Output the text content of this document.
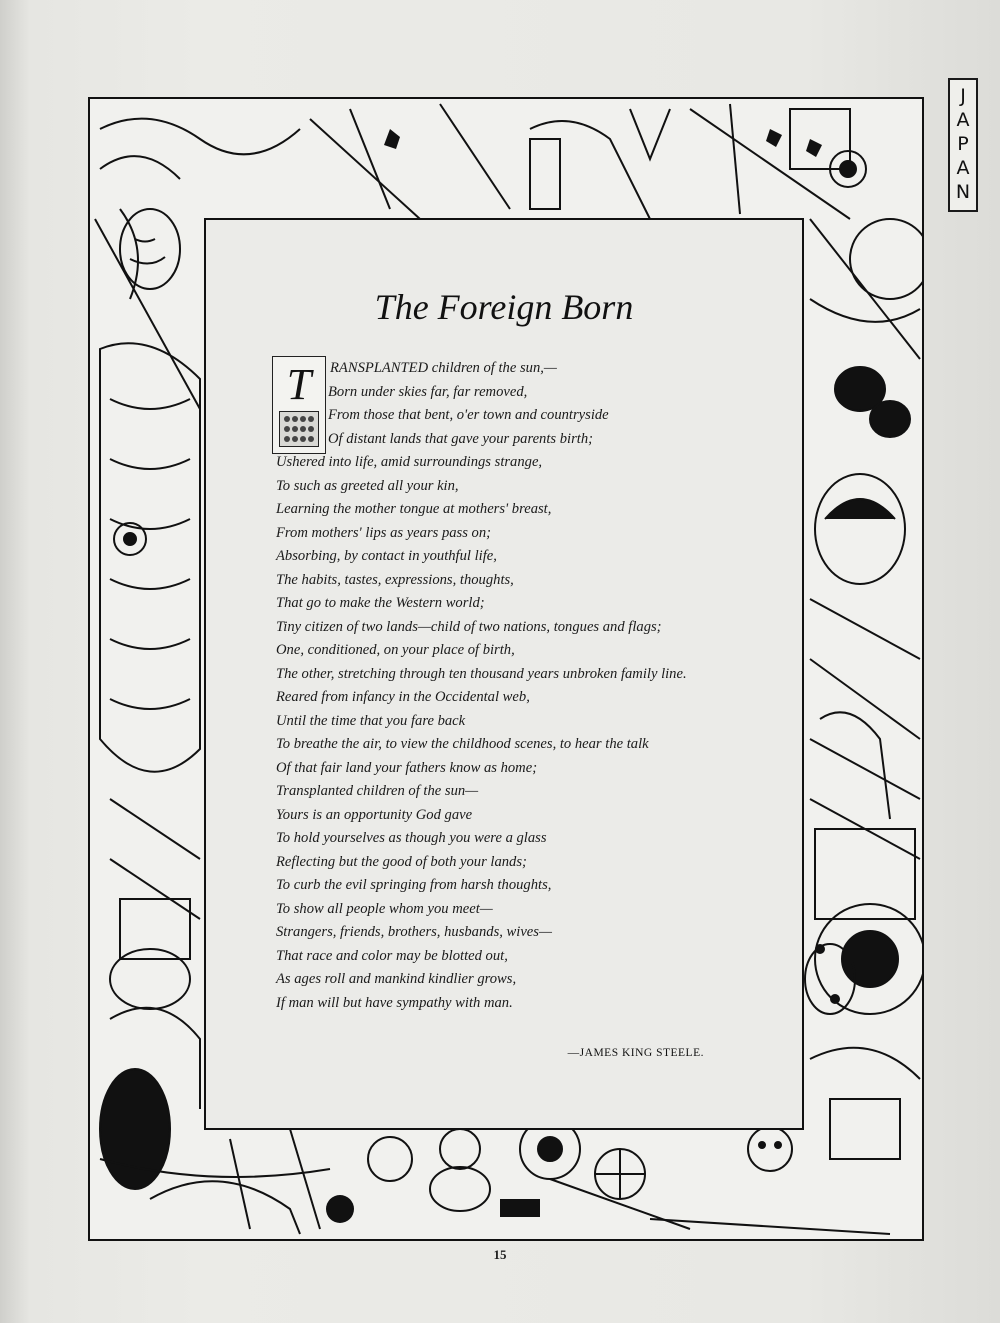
JAPAN
The Foreign Born
T	RANSPLANTED children of the sun,—
Born under skies far, far removed,
From those that bent, o'er town and countryside
Of distant lands that gave your parents birth;
Ushered into life, amid surroundings strange,
To such as greeted all your kin,
Learning the mother tongue at mothers' breast,
From mothers' lips as years pass on;
Absorbing, by contact in youthful life,
The habits, tastes, expressions, thoughts,
That go to make the Western world;
Tiny citizen of two lands—child of two nations, tongues and flags;
One, conditioned, on your place of birth,
The other, stretching through ten thousand years unbroken family line.
Reared from infancy in the Occidental web,
Until the time that you fare back
To breathe the air, to view the childhood scenes, to hear the talk
Of that fair land your fathers know as home;
Transplanted children of the sun—
Yours is an opportunity God gave
To hold yourselves as though you were a glass
Reflecting but the good of both your lands;
To curb the evil springing from harsh thoughts,
To show all people whom you meet—
Strangers, friends, brothers, husbands, wives—
That race and color may be blotted out,
As ages roll and mankind kindlier grows,
If man will but have sympathy with man.
—JAMES KING STEELE.
15
